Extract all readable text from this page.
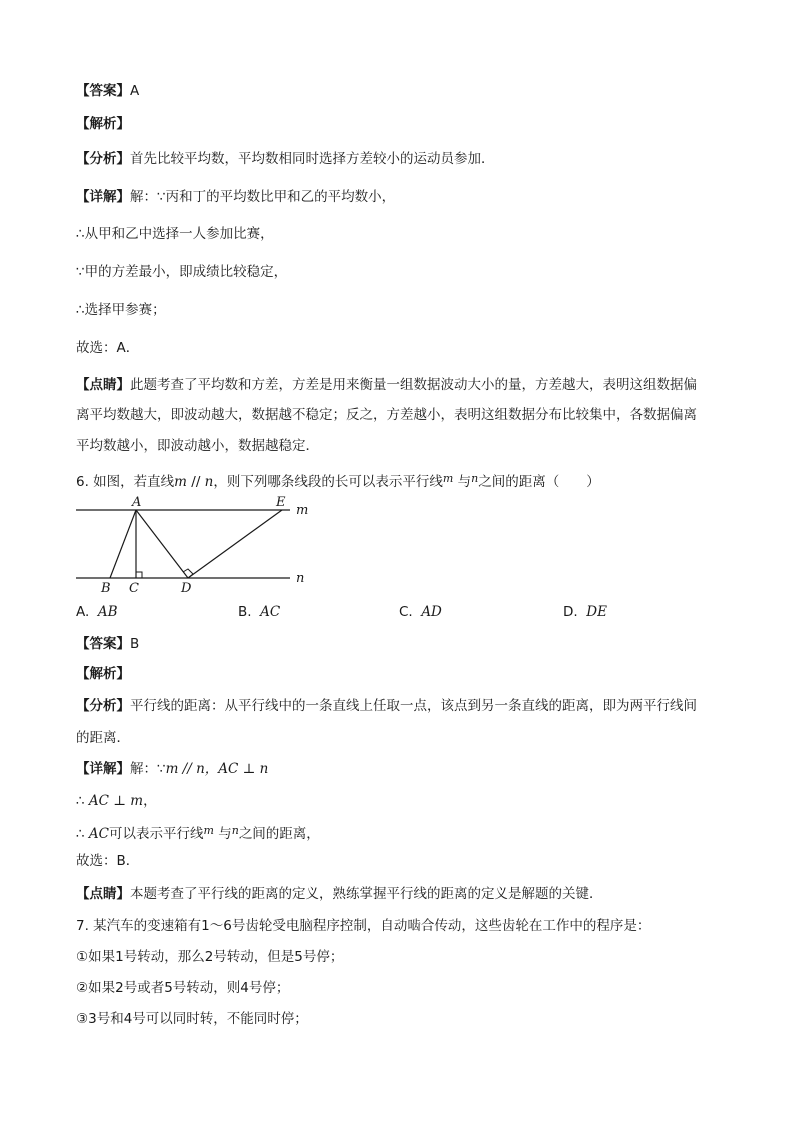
【答案】A
【解析】
【分析】首先比较平均数，平均数相同时选择方差较小的运动员参加．
【详解】解：∵丙和丁的平均数比甲和乙的平均数小，
∴从甲和乙中选择一人参加比赛，
∵甲的方差最小，即成绩比较稳定，
∴选择甲参赛；
故选：A．
【点睛】此题考查了平均数和方差，方差是用来衡量一组数据波动大小的量，方差越大，表明这组数据偏
离平均数越大，即波动越大，数据越不稳定；反之，方差越小，表明这组数据分布比较集中，各数据偏离
平均数越小，即波动越小，数据越稳定．
6. 如图，若直线m // n，则下列哪条线段的长可以表示平行线$^m$ 与$^n$之间的距离（　　）
A	E
m
B C	D
n
A. AB	B. AC	C. AD	D. DE
【答案】B
【解析】
【分析】平行线的距离：从平行线中的一条直线上任取一点，该点到另一条直线的距离，即为两平行线间
的距离．
【详解】解：∵m // n，AC ⊥ n
∴ AC ⊥ m，
∴ AC可以表示平行线$^m$ 与$^n$之间的距离，
故选：B．
【点睛】本题考查了平行线的距离的定义，熟练掌握平行线的距离的定义是解题的关键．
7. 某汽车的变速箱有1～6号齿轮受电脑程序控制，自动啮合传动，这些齿轮在工作中的程序是：
①如果1号转动，那么2号转动，但是5号停；
②如果2号或者5号转动，则4号停；
③3号和4号可以同时转，不能同时停；
